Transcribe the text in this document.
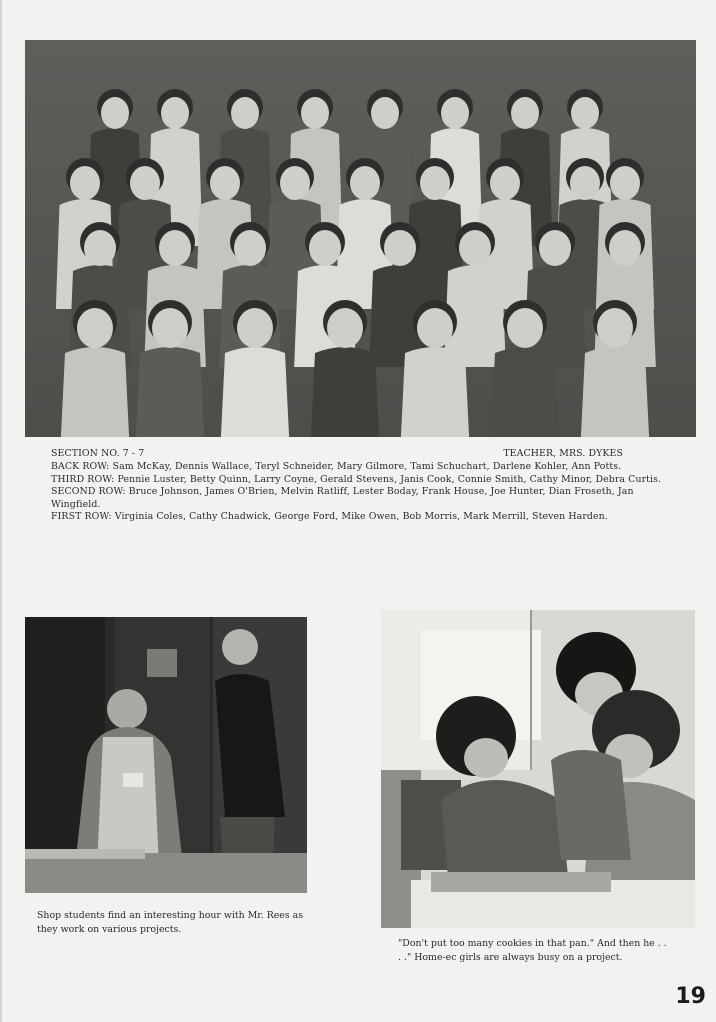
SECTION NO. 7 - 7	TEACHER, MRS. DYKES

BACK ROW: Sam McKay, Dennis Wallace, Teryl Schneider, Mary Gilmore, Tami Schuchart, Darlene Kohler, Ann Potts.

THIRD ROW: Pennie Luster, Betty Quinn, Larry Coyne, Gerald Stevens, Janis Cook, Connie Smith, Cathy Minor, Debra Curtis.

SECOND ROW: Bruce Johnson, James O'Brien, Melvin Ratliff, Lester Boday, Frank House, Joe Hunter, Dian Froseth, Jan Wingfield.

FIRST ROW: Virginia Coles, Cathy Chadwick, George Ford, Mike Owen, Bob Morris, Mark Merrill, Steven Harden.

Shop students find an interesting hour with Mr. Rees as they work on various projects.
"Don't put too many cookies in that pan." And then he . . . ." Home-ec girls are always busy on a project.
19
